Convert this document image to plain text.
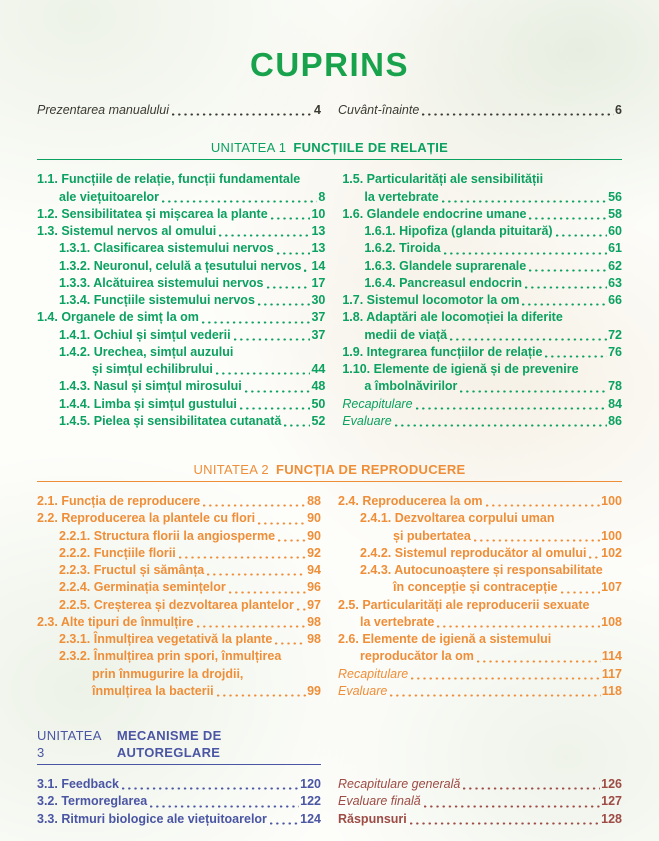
CUPRINS
Prezentarea manualului	4 Cuvânt-înainte	6
UNITATEA 1 FUNCȚIILE DE RELAȚIE
1.1. Funcțiile de relație, funcții fundamentale
ale viețuitoarelor	8
1.2. Sensibilitatea și mișcarea la plante	10
1.3. Sistemul nervos al omului	13
1.3.1. Clasificarea sistemului nervos	13
1.3.2. Neuronul, celulă a țesutului nervos 14
1.3.3. Alcătuirea sistemului nervos	17
1.3.4. Funcțiile sistemului nervos	30
1.4. Organele de simț la om	37
1.4.1. Ochiul și simțul vederii	37
1.4.2. Urechea, simțul auzului
și simțul echilibrului	44
1.4.3. Nasul și simțul mirosului	48
1.4.4. Limba și simțul gustului	50
1.4.5. Pielea și sensibilitatea cutanată 52
1.5. Particularități ale sensibilității
la vertebrate	56
1.6. Glandele endocrine umane	58
1.6.1. Hipofiza (glanda pituitară)	60
1.6.2. Tiroida	61
1.6.3. Glandele suprarenale	62
1.6.4. Pancreasul endocrin	63
1.7. Sistemul locomotor la om	66
1.8. Adaptări ale locomoției la diferite
medii de viață	72
1.9. Integrarea funcțiilor de relație	76
1.10. Elemente de igienă și de prevenire
a îmbolnăvirilor	78
Recapitulare	84
Evaluare	86
UNITATEA 2 FUNCȚIA DE REPRODUCERE
2.1. Funcția de reproducere	88
2.2. Reproducerea la plantele cu flori	90
2.2.1. Structura florii la angiosperme	90
2.2.2. Funcțiile florii	92
2.2.3. Fructul și sămânța	94
2.2.4. Germinația semințelor	96
2.2.5. Creșterea și dezvoltarea plantelor 97
2.3. Alte tipuri de înmulțire	98
2.3.1. Înmulțirea vegetativă la plante	98
2.3.2. Înmulțirea prin spori, înmulțirea
prin înmugurire la drojdii,
înmulțirea la bacterii	99
2.4. Reproducerea la om	100
2.4.1. Dezvoltarea corpului uman
și pubertatea	100
2.4.2. Sistemul reproducător al omului 102
2.4.3. Autocunoaștere și responsabilitate
în concepție și contracepție	107
2.5. Particularități ale reproducerii sexuate
la vertebrate	108
2.6. Elemente de igienă a sistemului
reproducător la om	114
Recapitulare	117
Evaluare	118
UNITATEA 3
MECANISME DE AUTOREGLARE
3.1. Feedback	120
3.2. Termoreglarea	122
3.3. Ritmuri biologice ale viețuitoarelor	124
Recapitulare generală	126
Evaluare finală	127
Răspunsuri	128
